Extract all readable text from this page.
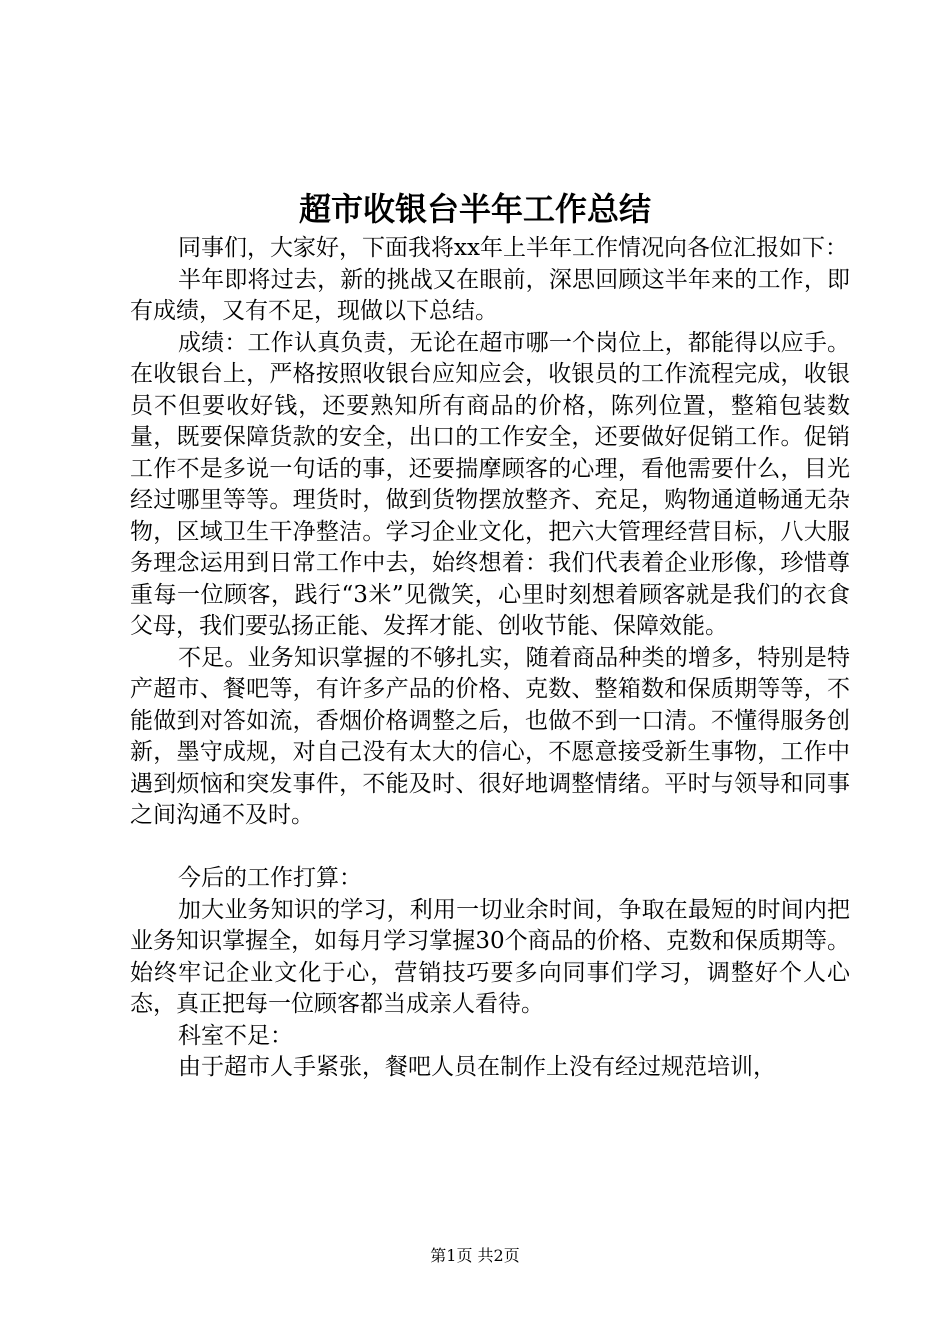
超市收银台半年工作总结

同事们，大家好，下面我将xx年上半年工作情况向各位汇报如下：

半年即将过去，新的挑战又在眼前，深思回顾这半年来的工作，即有成绩，又有不足，现做以下总结。

成绩：工作认真负责，无论在超市哪一个岗位上，都能得以应手。在收银台上，严格按照收银台应知应会，收银员的工作流程完成，收银员不但要收好钱，还要熟知所有商品的价格，陈列位置，整箱包装数量，既要保障货款的安全，出口的工作安全，还要做好促销工作。促销工作不是多说一句话的事，还要揣摩顾客的心理，看他需要什么，目光经过哪里等等。理货时，做到货物摆放整齐、充足，购物通道畅通无杂物，区域卫生干净整洁。学习企业文化，把六大管理经营目标，八大服务理念运用到日常工作中去，始终想着：我们代表着企业形像，珍惜尊重每一位顾客，践行“3米”见微笑，心里时刻想着顾客就是我们的衣食父母，我们要弘扬正能、发挥才能、创收节能、保障效能。

不足。业务知识掌握的不够扎实，随着商品种类的增多，特别是特产超市、餐吧等，有许多产品的价格、克数、整箱数和保质期等等，不能做到对答如流，香烟价格调整之后，也做不到一口清。不懂得服务创新，墨守成规，对自己没有太大的信心，不愿意接受新生事物，工作中遇到烦恼和突发事件，不能及时、很好地调整情绪。平时与领导和同事之间沟通不及时。

今后的工作打算：

加大业务知识的学习，利用一切业余时间，争取在最短的时间内把业务知识掌握全，如每月学习掌握30个商品的价格、克数和保质期等。始终牢记企业文化于心，营销技巧要多向同事们学习，调整好个人心态，真正把每一位顾客都当成亲人看待。

科室不足：

由于超市人手紧张，餐吧人员在制作上没有经过规范培训，

第1页 共2页
